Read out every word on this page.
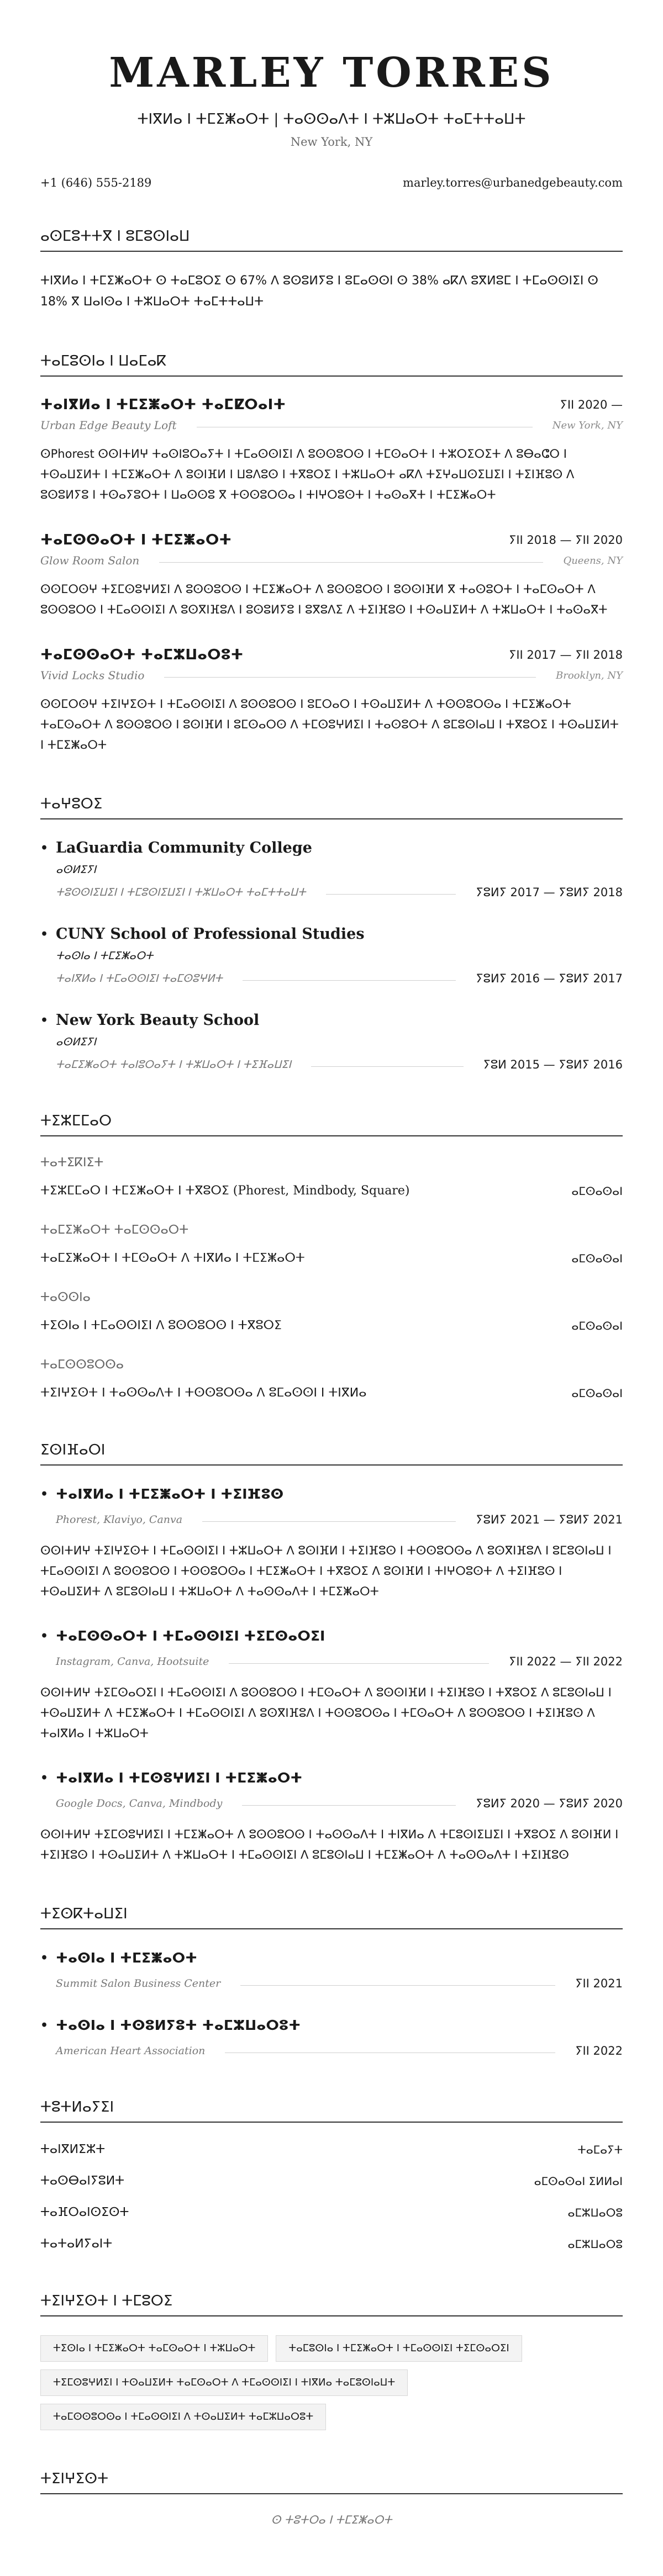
MARLEY TORRES
ⵜⵏⴳⵍⴰ ⵏ ⵜⵎⵉⵥⴰⵔⵜ | ⵜⴰⵙⵙⴰⴷⵜ ⵏ ⵜⵣⵡⴰⵔⵜ ⵜⴰⵎⵜⵜⴰⵡⵜ
New York, NY
+1 (646) 555-2189	marley.torres@urbanedgebeauty.com
ⴰⵙⵎⵓⵜⵜⴳ ⵏ ⵓⵎⵓⵙⵏⴰⵡ
ⵜⵏⴳⵍⴰ ⵏ ⵜⵎⵉⵥⴰⵔⵜ ⵙ ⵜⴰⵎⵓⵔⵉ ⵙ 67% ⴷ ⵓⵙⵓⵍⵢⵓ ⵏ ⵓⵎⴰⵙⵙⵏ ⵙ 38% ⴰⴽⴷ ⵓⴳⵍⵓⵎ ⵏ ⵜⵎⴰⵙⵙⵏⵉⵏ ⵙ 18% ⴳ ⵡⴰⵏⵙⴰ ⵏ ⵜⵣⵡⴰⵔⵜ ⵜⴰⵎⵜⵜⴰⵡⵜ
ⵜⴰⵎⵓⵙⵏⴰ ⵏ ⵡⴰⵎⴰⴽ
ⵜⴰⵏⴳⵍⴰ ⵏ ⵜⵎⵉⵥⴰⵔⵜ ⵜⴰⵎⵇⵔⴰⵏⵜ	ⵢⵏⵏ 2020 —
Urban Edge Beauty Loft	New York, NY
ⵙPhorest ⵙⵙⵏⵜⵍⵖ ⵜⴰⵙⵏⵓⵔⴰⵢⵜ ⵏ ⵜⵎⴰⵙⵙⵏⵉⵏ ⴷ ⵓⵙⵙⵓⵔⵙ ⵏ ⵜⵎⵙⴰⵔⵜ ⵏ ⵜⵣⵔⵉⵔⵉⵜ ⴷ ⵓⴱⴰⵛⵔ ⵏ ⵜⵙⴰⵡⵉⵍⵜ ⵏ ⵜⵎⵉⵥⴰⵔⵜ ⴷ ⵓⵙⵏⴼⵍ ⵏ ⵡⵓⴷⵓⵙ ⵏ ⵜⴳⵓⵔⵉ ⵏ ⵜⵣⵡⴰⵔⵜ ⴰⴽⴷ ⵜⵉⵖⴰⵡⵙⵉⵡⵉⵏ ⵏ ⵜⵉⵏⴼⵓⵙ ⴷ ⵓⵙⵓⵍⵢⵓ ⵏ ⵜⵙⴰⵢⵓⵔⵜ ⵏ ⵡⴰⵙⵙⵓ ⴳ ⵜⵙⵙⵓⵔⵙⴰ ⵏ ⵜⵏⵖⵔⵓⵙⵜ ⵏ ⵜⴰⵙⴰⴳⵜ ⵏ ⵜⵎⵉⵥⴰⵔⵜ
ⵜⴰⵎⵙⵙⴰⵔⵜ ⵏ ⵜⵎⵉⵥⴰⵔⵜ	ⵢⵏⵏ 2018 — ⵢⵏⵏ 2020
Glow Room Salon	Queens, NY
ⵙⵙⵎⵔⵙⵖ ⵜⵉⵎⵙⵓⵖⵍⵉⵏ ⴷ ⵓⵙⵙⵓⵔⵙ ⵏ ⵜⵎⵉⵥⴰⵔⵜ ⴷ ⵓⵙⵙⵓⵔⵙ ⵏ ⵓⵙⵙⵏⴼⵍ ⴳ ⵜⴰⵙⵓⵔⵜ ⵏ ⵜⴰⵎⵙⴰⵔⵜ ⴷ ⵓⵙⵙⵓⵔⵙ ⵏ ⵜⵎⴰⵙⵙⵏⵉⵏ ⴷ ⵓⵙⴳⵏⴼⵓⴷ ⵏ ⵓⵙⵓⵍⵢⵓ ⵏ ⵓⴳⵓⴷⵉ ⴷ ⵜⵉⵏⴼⵓⵙ ⵏ ⵜⵙⴰⵡⵉⵍⵜ ⴷ ⵜⵣⵡⴰⵔⵜ ⵏ ⵜⴰⵙⴰⴳⵜ
ⵜⴰⵎⵙⵙⴰⵔⵜ ⵜⴰⵎⵣⵡⴰⵔⵓⵜ	ⵢⵏⵏ 2017 — ⵢⵏⵏ 2018
Vivid Locks Studio	Brooklyn, NY
ⵙⵙⵎⵔⵙⵖ ⵜⵉⵏⵖⵉⵙⵜ ⵏ ⵜⵎⴰⵙⵙⵏⵉⵏ ⴷ ⵓⵙⵙⵓⵔⵙ ⵏ ⵓⵎⵔⴰⵔ ⵏ ⵜⵙⴰⵡⵉⵍⵜ ⴷ ⵜⵙⵙⵓⵔⵙⴰ ⵏ ⵜⵎⵉⵥⴰⵔⵜ ⵜⴰⵎⵙⴰⵔⵜ ⴷ ⵓⵙⵙⵓⵔⵙ ⵏ ⵓⵙⵏⴼⵍ ⵏ ⵓⵎⵙⴰⵔⵙ ⴷ ⵜⵎⵙⵓⵖⵍⵉⵏ ⵏ ⵜⴰⵙⵓⵔⵜ ⴷ ⵓⵎⵓⵙⵏⴰⵡ ⵏ ⵜⴳⵓⵔⵉ ⵏ ⵜⵙⴰⵡⵉⵍⵜ ⵏ ⵜⵎⵉⵥⴰⵔⵜ
ⵜⴰⵖⵓⵔⵉ
• LaGuardia Community College
ⴰⵙⵍⵉⵢⵏ
ⵜⵓⵙⵙⵏⵉⵡⵉⵏ ⵏ ⵜⵎⵓⵙⵏⵉⵡⵉⵏ ⵏ ⵜⵣⵡⴰⵔⵜ ⵜⴰⵎⵜⵜⴰⵡⵜ	ⵢⵓⵍⵢ 2017 — ⵢⵓⵍⵢ 2018
• CUNY School of Professional Studies
ⵜⴰⵙⵏⴰ ⵏ ⵜⵎⵉⵥⴰⵔⵜ
ⵜⴰⵏⴳⵍⴰ ⵏ ⵜⵎⴰⵙⵙⵏⵉⵏ ⵜⴰⵎⵙⵓⵖⵍⵜ	ⵢⵓⵍⵢ 2016 — ⵢⵓⵍⵢ 2017
• New York Beauty School
ⴰⵙⵍⵉⵢⵏ
ⵜⴰⵎⵉⵥⴰⵔⵜ ⵜⴰⵏⵓⵔⴰⵢⵜ ⵏ ⵜⵣⵡⴰⵔⵜ ⵏ ⵜⵉⴼⴰⵡⵉⵏ	ⵢⵓⵍ 2015 — ⵢⵓⵍⵢ 2016
ⵜⵉⵣⵎⵎⴰⵔ
ⵜⴰⵜⵉⴽⵏⵉⵜ
ⵜⵉⵣⵎⵎⴰⵔ ⵏ ⵜⵎⵉⵥⴰⵔⵜ ⵏ ⵜⴳⵓⵔⵉ (Phorest, Mindbody, Square)	ⴰⵎⵙⴰⵙⴰⵏ
ⵜⴰⵎⵉⵥⴰⵔⵜ ⵜⴰⵎⵙⵙⴰⵔⵜ
ⵜⴰⵎⵉⵥⴰⵔⵜ ⵏ ⵜⵎⵙⴰⵔⵜ ⴷ ⵜⵏⴳⵍⴰ ⵏ ⵜⵎⵉⵥⴰⵔⵜ	ⴰⵎⵙⴰⵙⴰⵏ
ⵜⴰⵙⵙⵏⴰ
ⵜⵉⵙⵏⴰ ⵏ ⵜⵎⴰⵙⵙⵏⵉⵏ ⴷ ⵓⵙⵙⵓⵔⵙ ⵏ ⵜⴳⵓⵔⵉ	ⴰⵎⵙⴰⵙⴰⵏ
ⵜⴰⵎⵙⵙⵓⵔⵙⴰ
ⵜⵉⵏⵖⵉⵙⵜ ⵏ ⵜⴰⵙⵙⴰⴷⵜ ⵏ ⵜⵙⵙⵓⵔⵙⴰ ⴷ ⵓⵎⴰⵙⵙⵏ ⵏ ⵜⵏⴳⵍⴰ	ⴰⵎⵙⴰⵙⴰⵏ
ⵉⵙⵏⴼⴰⵔⵏ
• ⵜⴰⵏⴳⵍⴰ ⵏ ⵜⵎⵉⵥⴰⵔⵜ ⵏ ⵜⵉⵏⴼⵓⵙ
Phorest, Klaviyo, Canva	ⵢⵓⵍⵢ 2021 — ⵢⵓⵍⵢ 2021
ⵙⵙⵏⵜⵍⵖ ⵜⵉⵏⵖⵉⵙⵜ ⵏ ⵜⵎⴰⵙⵙⵏⵉⵏ ⵏ ⵜⵣⵡⴰⵔⵜ ⴷ ⵓⵙⵏⴼⵍ ⵏ ⵜⵉⵏⴼⵓⵙ ⵏ ⵜⵙⵙⵓⵔⵙⴰ ⴷ ⵓⵙⴳⵏⴼⵓⴷ ⵏ ⵓⵎⵓⵙⵏⴰⵡ ⵏ ⵜⵎⴰⵙⵙⵏⵉⵏ ⴷ ⵓⵙⵙⵓⵔⵙ ⵏ ⵜⵙⵙⵓⵔⵙⴰ ⵏ ⵜⵎⵉⵥⴰⵔⵜ ⵏ ⵜⴳⵓⵔⵉ ⴷ ⵓⵙⵏⴼⵍ ⵏ ⵜⵏⵖⵔⵓⵙⵜ ⴷ ⵜⵉⵏⴼⵓⵙ ⵏ ⵜⵙⴰⵡⵉⵍⵜ ⴷ ⵓⵎⵓⵙⵏⴰⵡ ⵏ ⵜⵣⵡⴰⵔⵜ ⴷ ⵜⴰⵙⵙⴰⴷⵜ ⵏ ⵜⵎⵉⵥⴰⵔⵜ
• ⵜⴰⵎⵙⵙⴰⵔⵜ ⵏ ⵜⵎⴰⵙⵙⵏⵉⵏ ⵜⵉⵎⵙⴰⵔⵉⵏ
Instagram, Canva, Hootsuite	ⵢⵏⵏ 2022 — ⵢⵏⵏ 2022
ⵙⵙⵏⵜⵍⵖ ⵜⵉⵎⵙⴰⵔⵉⵏ ⵏ ⵜⵎⴰⵙⵙⵏⵉⵏ ⴷ ⵓⵙⵙⵓⵔⵙ ⵏ ⵜⵎⵙⴰⵔⵜ ⴷ ⵓⵙⵙⵏⴼⵍ ⵏ ⵜⵉⵏⴼⵓⵙ ⵏ ⵜⴳⵓⵔⵉ ⴷ ⵓⵎⵓⵙⵏⴰⵡ ⵏ ⵜⵙⴰⵡⵉⵍⵜ ⴷ ⵜⵎⵉⵥⴰⵔⵜ ⵏ ⵜⵎⴰⵙⵙⵏⵉⵏ ⴷ ⵓⵙⴳⵏⴼⵓⴷ ⵏ ⵜⵙⵙⵓⵔⵙⴰ ⵏ ⵜⵎⵙⴰⵔⵜ ⴷ ⵓⵙⵙⵓⵔⵙ ⵏ ⵜⵉⵏⴼⵓⵙ ⴷ ⵜⴰⵏⴳⵍⴰ ⵏ ⵜⵣⵡⴰⵔⵜ
• ⵜⴰⵏⴳⵍⴰ ⵏ ⵜⵎⵙⵓⵖⵍⵉⵏ ⵏ ⵜⵎⵉⵥⴰⵔⵜ
Google Docs, Canva, Mindbody	ⵢⵓⵍⵢ 2020 — ⵢⵓⵍⵢ 2020
ⵙⵙⵏⵜⵍⵖ ⵜⵉⵎⵙⵓⵖⵍⵉⵏ ⵏ ⵜⵎⵉⵥⴰⵔⵜ ⴷ ⵓⵙⵙⵓⵔⵙ ⵏ ⵜⴰⵙⵙⴰⴷⵜ ⵏ ⵜⵏⴳⵍⴰ ⴷ ⵜⵎⵓⵙⵏⵉⵡⵉⵏ ⵏ ⵜⴳⵓⵔⵉ ⴷ ⵓⵙⵏⴼⵍ ⵏ ⵜⵉⵏⴼⵓⵙ ⵏ ⵜⵙⴰⵡⵉⵍⵜ ⴷ ⵜⵣⵡⴰⵔⵜ ⵏ ⵜⵎⴰⵙⵙⵏⵉⵏ ⴷ ⵓⵎⵓⵙⵏⴰⵡ ⵏ ⵜⵎⵉⵥⴰⵔⵜ ⴷ ⵜⴰⵙⵙⴰⴷⵜ ⵏ ⵜⵉⵏⴼⵓⵙ
ⵜⵉⵙⴽⵜⴰⵡⵉⵏ
• ⵜⴰⵙⵏⴰ ⵏ ⵜⵎⵉⵥⴰⵔⵜ
Summit Salon Business Center	ⵢⵏⵏ 2021
• ⵜⴰⵙⵏⴰ ⵏ ⵜⵙⵓⵍⵢⵓⵜ ⵜⴰⵎⵣⵡⴰⵔⵓⵜ
American Heart Association	ⵢⵏⵏ 2022
ⵜⵓⵜⵍⴰⵢⵉⵏ
ⵜⴰⵏⴳⵍⵉⵣⵜ	ⵜⴰⵎⴰⵢⵜ
ⵜⴰⵙⴱⴰⵏⵢⵓⵍⵜ	ⴰⵎⵙⴰⵙⴰⵏ ⵉⵍⵍⴰⵏ
ⵜⴰⴼⵔⴰⵏⵙⵉⵙⵜ	ⴰⵎⵣⵡⴰⵔⵓ
ⵜⴰⵜⴰⵍⵢⴰⵏⵜ	ⴰⵎⵣⵡⴰⵔⵓ
ⵜⵉⵏⵖⵉⵙⵜ ⵏ ⵜⵎⵓⵔⵉ
ⵜⵉⵙⵏⴰ ⵏ ⵜⵎⵉⵥⴰⵔⵜ ⵜⴰⵎⵙⴰⵔⵜ ⵏ ⵜⵣⵡⴰⵔⵜ	ⵜⴰⵎⵓⵙⵏⴰ ⵏ ⵜⵎⵉⵥⴰⵔⵜ ⵏ ⵜⵎⴰⵙⵙⵏⵉⵏ ⵜⵉⵎⵙⴰⵔⵉⵏ
ⵜⵉⵎⵙⵓⵖⵍⵉⵏ ⵏ ⵜⵙⴰⵡⵉⵍⵜ ⵜⴰⵎⵙⴰⵔⵜ ⴷ ⵜⵎⴰⵙⵙⵏⵉⵏ ⵏ ⵜⵏⴳⵍⴰ ⵜⴰⵎⵓⵙⵏⴰⵡⵜ
ⵜⴰⵎⵙⵙⵓⵔⵙⴰ ⵏ ⵜⵎⴰⵙⵙⵏⵉⵏ ⴷ ⵜⵙⴰⵡⵉⵍⵜ ⵜⴰⵎⵣⵡⴰⵔⵓⵜ
ⵜⵉⵏⵖⵉⵙⵜ
ⵙ ⵜⵓⵜⵔⴰ ⵏ ⵜⵎⵉⵥⴰⵔⵜ
